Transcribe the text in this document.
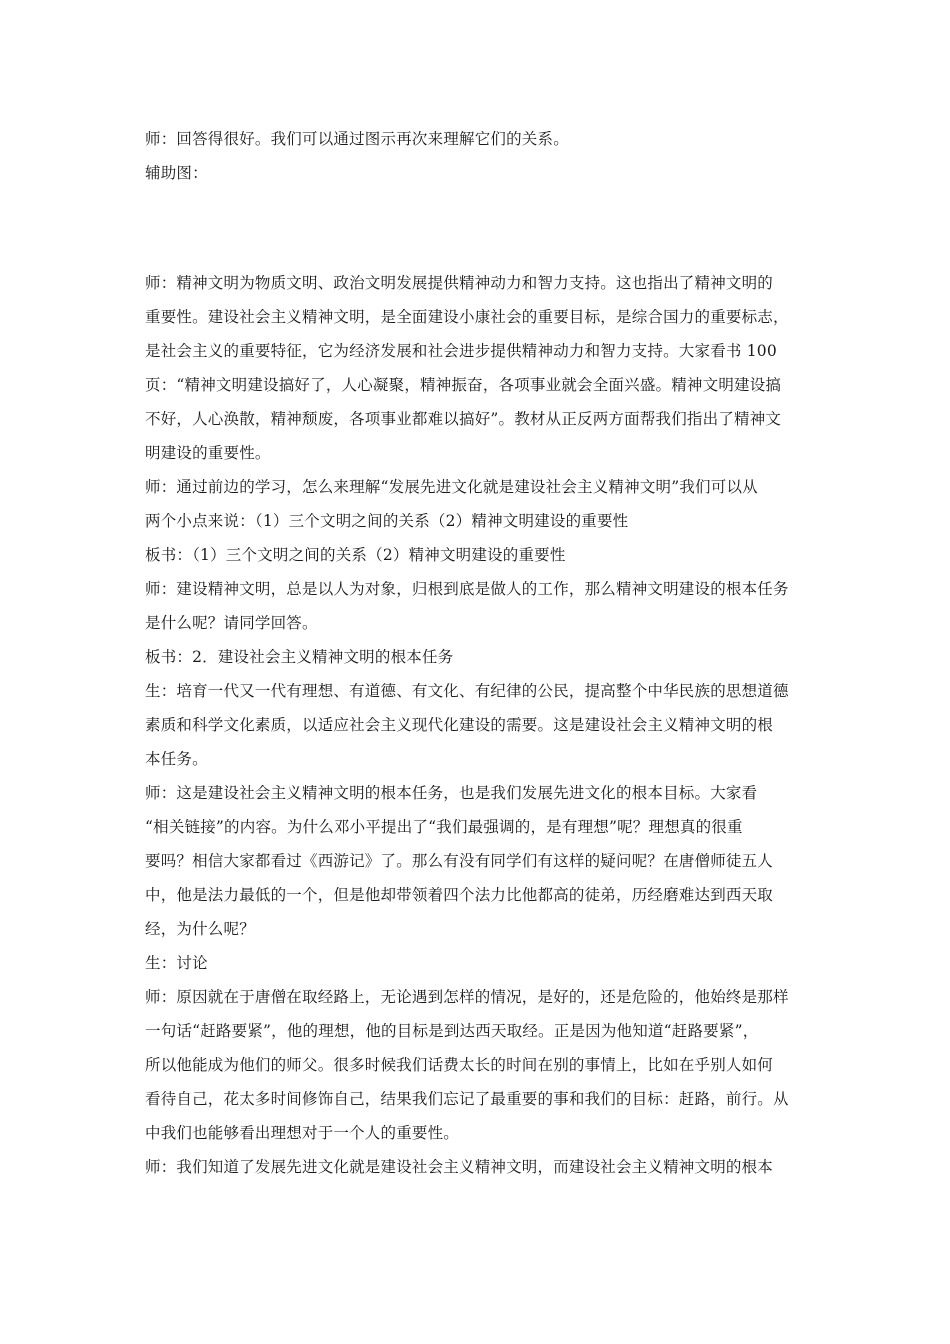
师：回答得很好。我们可以通过图示再次来理解它们的关系。
辅助图：
师：精神文明为物质文明、政治文明发展提供精神动力和智力支持。这也指出了精神文明的
重要性。建设社会主义精神文明，是全面建设小康社会的重要目标，是综合国力的重要标志，
是社会主义的重要特征，它为经济发展和社会进步提供精神动力和智力支持。大家看书 100
页：“精神文明建设搞好了，人心凝聚，精神振奋，各项事业就会全面兴盛。精神文明建设搞
不好，人心涣散，精神颓废，各项事业都难以搞好”。教材从正反两方面帮我们指出了精神文
明建设的重要性。
师：通过前边的学习，怎么来理解“发展先进文化就是建设社会主义精神文明”我们可以从
两个小点来说：（1）三个文明之间的关系（2）精神文明建设的重要性
板书：（1）三个文明之间的关系（2）精神文明建设的重要性
师：建设精神文明，总是以人为对象，归根到底是做人的工作，那么精神文明建设的根本任务
是什么呢？请同学回答。
板书：2．建设社会主义精神文明的根本任务
生：培育一代又一代有理想、有道德、有文化、有纪律的公民，提高整个中华民族的思想道德
素质和科学文化素质，以适应社会主义现代化建设的需要。这是建设社会主义精神文明的根
本任务。
师：这是建设社会主义精神文明的根本任务，也是我们发展先进文化的根本目标。大家看
“相关链接”的内容。为什么邓小平提出了“我们最强调的，是有理想”呢？理想真的很重
要吗？相信大家都看过《西游记》了。那么有没有同学们有这样的疑问呢？在唐僧师徒五人
中，他是法力最低的一个，但是他却带领着四个法力比他都高的徒弟，历经磨难达到西天取
经，为什么呢？
生：讨论
师：原因就在于唐僧在取经路上，无论遇到怎样的情况，是好的，还是危险的，他始终是那样
一句话“赶路要紧”，他的理想，他的目标是到达西天取经。正是因为他知道“赶路要紧”，
所以他能成为他们的师父。很多时候我们话费太长的时间在别的事情上，比如在乎别人如何
看待自己，花太多时间修饰自己，结果我们忘记了最重要的事和我们的目标：赶路，前行。从
中我们也能够看出理想对于一个人的重要性。
师：我们知道了发展先进文化就是建设社会主义精神文明，而建设社会主义精神文明的根本
